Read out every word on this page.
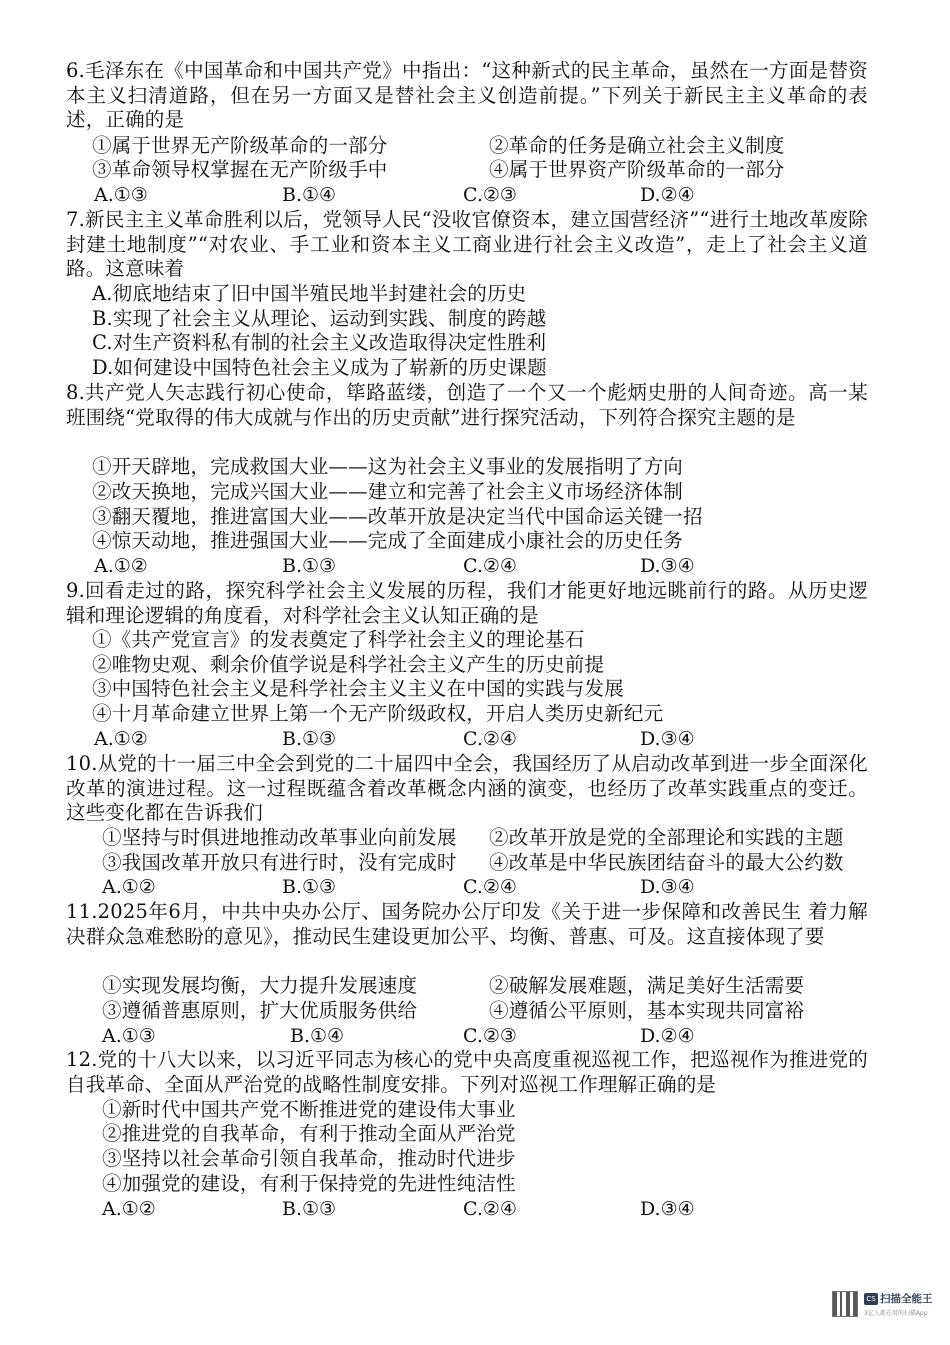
6. 毛泽东在《中国革命和中国共产党》中指出：“这种新式的民主革命，虽然在一方面是替资本主义扫清道路，但在另一方面又是替社会主义创造前提。”下列关于新民主主义革命的表述，正确的是
①属于世界无产阶级革命的一部分	②革命的任务是确立社会主义制度
③革命领导权掌握在无产阶级手中	④属于世界资产阶级革命的一部分
A.①③	B.①④	C.②③	D.②④
7. 新民主主义革命胜利以后，党领导人民“没收官僚资本，建立国营经济”“进行土地改革废除封建土地制度”“对农业、手工业和资本主义工商业进行社会主义改造”，走上了社会主义道路。这意味着
A.彻底地结束了旧中国半殖民地半封建社会的历史
B.实现了社会主义从理论、运动到实践、制度的跨越
C.对生产资料私有制的社会主义改造取得决定性胜利
D.如何建设中国特色社会主义成为了崭新的历史课题
8. 共产党人矢志践行初心使命，筚路蓝缕，创造了一个又一个彪炳史册的人间奇迹。高一某班围绕“党取得的伟大成就与作出的历史贡献”进行探究活动，下列符合探究主题的是
①开天辟地，完成救国大业——这为社会主义事业的发展指明了方向
②改天换地，完成兴国大业——建立和完善了社会主义市场经济体制
③翻天覆地，推进富国大业——改革开放是决定当代中国命运关键一招
④惊天动地，推进强国大业——完成了全面建成小康社会的历史任务
A.①②	B.①③	C.②④	D.③④
9. 回看走过的路，探究科学社会主义发展的历程，我们才能更好地远眺前行的路。从历史逻辑和理论逻辑的角度看，对科学社会主义认知正确的是
①《共产党宣言》的发表奠定了科学社会主义的理论基石
②唯物史观、剩余价值学说是科学社会主义产生的历史前提
③中国特色社会主义是科学社会主义主义在中国的实践与发展
④十月革命建立世界上第一个无产阶级政权，开启人类历史新纪元
A.①②	B.①③	C.②④	D.③④
10. 从党的十一届三中全会到党的二十届四中全会，我国经历了从启动改革到进一步全面深化改革的演进过程。这一过程既蕴含着改革概念内涵的演变，也经历了改革实践重点的变迁。这些变化都在告诉我们
①坚持与时俱进地推动改革事业向前发展 ②改革开放是党的全部理论和实践的主题
③我国改革开放只有进行时，没有完成时 ④改革是中华民族团结奋斗的最大公约数
A.①②	B.①③	C.②④	D.③④
11. 2025年6月，中共中央办公厅、国务院办公厅印发《关于进一步保障和改善民生 着力解决群众急难愁盼的意见》，推动民生建设更加公平、均衡、普惠、可及。这直接体现了要
①实现发展均衡，大力提升发展速度	②破解发展难题，满足美好生活需要
③遵循普惠原则，扩大优质服务供给	④遵循公平原则，基本实现共同富裕
A.①③	B.①④	C.②③	D.②④
12. 党的十八大以来，以习近平同志为核心的党中央高度重视巡视工作，把巡视作为推进党的自我革命、全面从严治党的战略性制度安排。下列对巡视工作理解正确的是
①新时代中国共产党不断推进党的建设伟大事业
②推进党的自我革命，有利于推动全面从严治党
③坚持以社会革命引领自我革命，推动时代进步
④加强党的建设，有利于保持党的先进性纯洁性
A.①②	B.①③	C.②④	D.③④
CS 扫描全能王
3亿人都在用的扫描App
